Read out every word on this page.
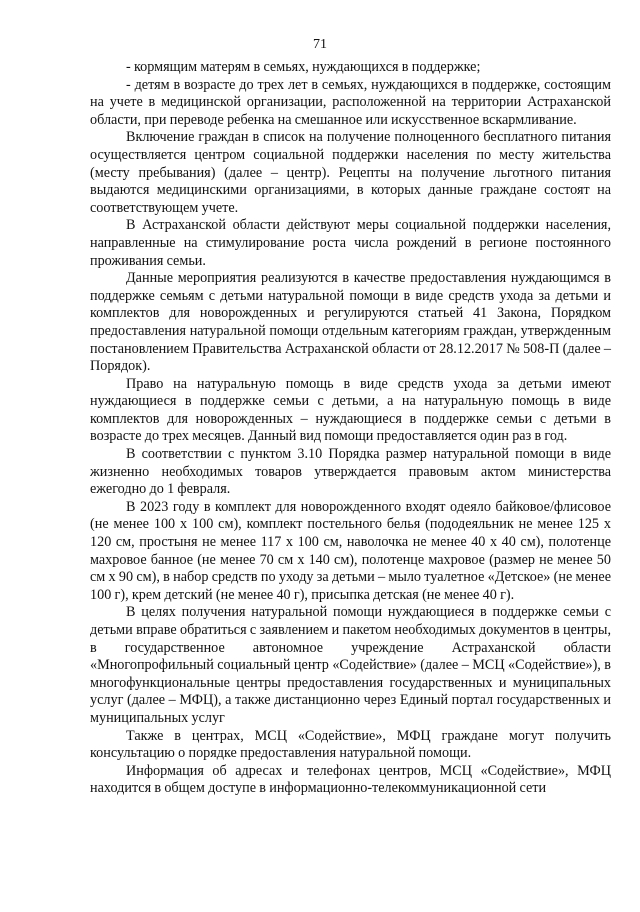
71

- кормящим матерям в семьях, нуждающихся в поддержке;

- детям в возрасте до трех лет в семьях, нуждающихся в поддержке, состоящим на учете в медицинской организации, расположенной на территории Астраханской области, при переводе ребенка на смешанное или искусственное вскармливание.

Включение граждан в список на получение полноценного бесплатного питания осуществляется центром социальной поддержки населения по месту жительства (месту пребывания) (далее – центр). Рецепты на получение льготного питания выдаются медицинскими организациями, в которых данные граждане состоят на соответствующем учете.

В Астраханской области действуют меры социальной поддержки населения, направленные на стимулирование роста числа рождений в регионе постоянного проживания семьи.

Данные мероприятия реализуются в качестве предоставления нуждающимся в поддержке семьям с детьми натуральной помощи в виде средств ухода за детьми и комплектов для новорожденных и регулируются статьей 41 Закона, Порядком предоставления натуральной помощи отдельным категориям граждан, утвержденным постановлением Правительства Астраханской области от 28.12.2017 № 508-П (далее – Порядок).

Право на натуральную помощь в виде средств ухода за детьми имеют нуждающиеся в поддержке семьи с детьми, а на натуральную помощь в виде комплектов для новорожденных – нуждающиеся в поддержке семьи с детьми в возрасте до трех месяцев. Данный вид помощи предоставляется один раз в год.

В соответствии с пунктом 3.10 Порядка размер натуральной помощи в виде жизненно необходимых товаров утверждается правовым актом министерства ежегодно до 1 февраля.

В 2023 году в комплект для новорожденного входят одеяло байковое/флисовое (не менее 100 х 100 см), комплект постельного белья (пододеяльник не менее 125 х 120 см, простыня не менее 117 х 100 см, наволочка не менее 40 х 40 см), полотенце махровое банное (не менее 70 см х 140 см), полотенце махровое (размер не менее 50 см х 90 см), в набор средств по уходу за детьми – мыло туалетное «Детское» (не менее 100 г), крем детский (не менее 40 г), присыпка детская (не менее 40 г).

В целях получения натуральной помощи нуждающиеся в поддержке семьи с детьми вправе обратиться с заявлением и пакетом необходимых документов в центры, в государственное автономное учреждение Астраханской области «Многопрофильный социальный центр «Содействие» (далее – МСЦ «Содействие»), в многофункциональные центры предоставления государственных и муниципальных услуг (далее – МФЦ), а также дистанционно через Единый портал государственных и муниципальных услуг

Также в центрах, МСЦ «Содействие», МФЦ граждане могут получить консультацию о порядке предоставления натуральной помощи.

Информация об адресах и телефонах центров, МСЦ «Содействие», МФЦ находится в общем доступе в информационно-телекоммуникационной сети
